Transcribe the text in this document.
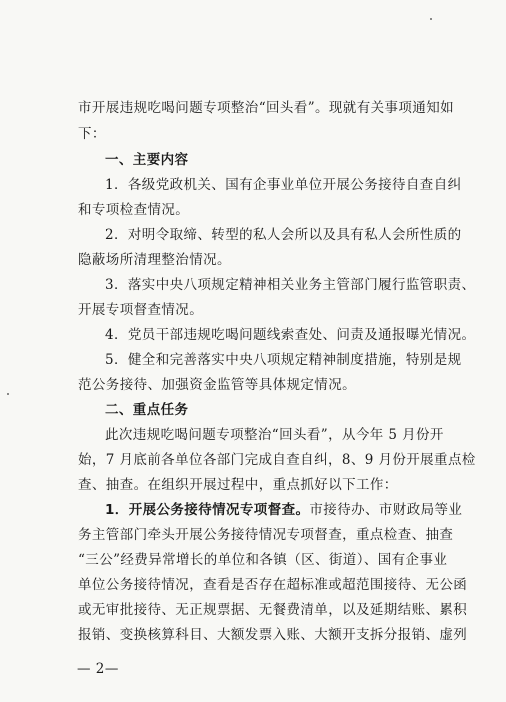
市开展违规吃喝问题专项整治“回头看”。现就有关事项通知如
下：
一、主要内容
1．各级党政机关、国有企事业单位开展公务接待自查自纠
和专项检查情况。
2．对明令取缔、转型的私人会所以及具有私人会所性质的
隐蔽场所清理整治情况。
3．落实中央八项规定精神相关业务主管部门履行监管职责、
开展专项督查情况。
4．党员干部违规吃喝问题线索查处、问责及通报曝光情况。
5．健全和完善落实中央八项规定精神制度措施，特别是规
范公务接待、加强资金监管等具体规定情况。
二、重点任务
此次违规吃喝问题专项整治“回头看”，从今年 5 月份开
始，7 月底前各单位各部门完成自查自纠，8、9 月份开展重点检
查、抽查。在组织开展过程中，重点抓好以下工作：
1．开展公务接待情况专项督查。市接待办、市财政局等业
务主管部门牵头开展公务接待情况专项督查，重点检查、抽查
“三公”经费异常增长的单位和各镇（区、街道）、国有企事业
单位公务接待情况，查看是否存在超标准或超范围接待、无公函
或无审批接待、无正规票据、无餐费清单，以及延期结账、累积
报销、变换核算科目、大额发票入账、大额开支拆分报销、虚列
— 2—
